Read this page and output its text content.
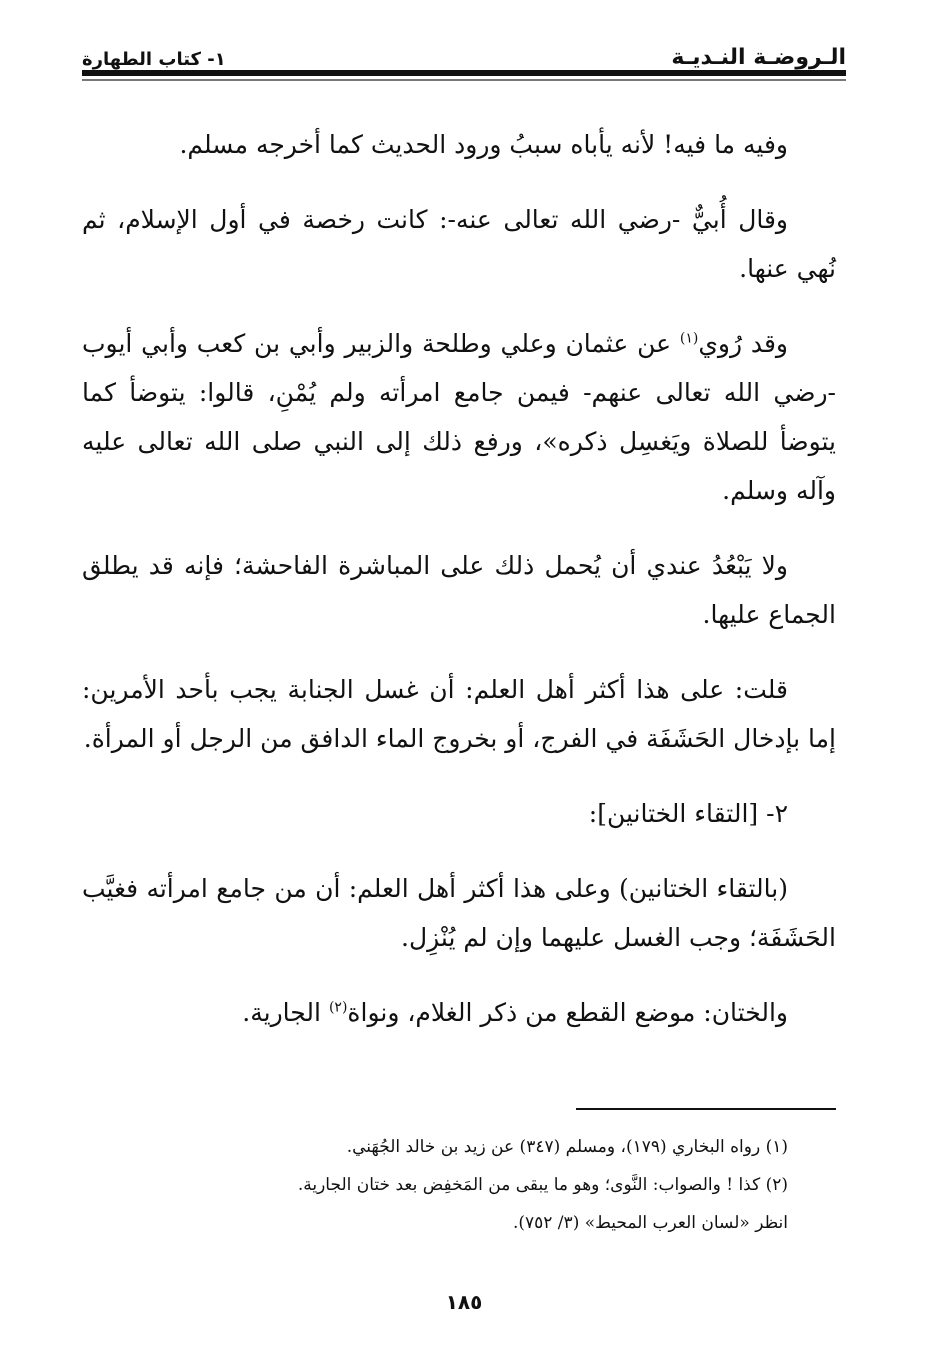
الـروضـة النـديـة
١- كتاب الطهارة

وفيه ما فيه! لأنه يأباه سببُ ورود الحديث كما أخرجه مسلم.

وقال أُبيٌّ -رضي الله تعالى عنه-: كانت رخصة في أول الإسلام، ثم نُهي عنها.

وقد رُوي$^{(١)}$ عن عثمان وعلي وطلحة والزبير وأبي بن كعب وأبي أيوب -رضي الله تعالى عنهم- فيمن جامع امرأته ولم يُمْنِ، قالوا: يتوضأ كما يتوضأ للصلاة ويَغسِل ذكره»، ورفع ذلك إلى النبي صلى الله تعالى عليه وآله وسلم.

ولا يَبْعُدُ عندي أن يُحمل ذلك على المباشرة الفاحشة؛ فإنه قد يطلق الجماع عليها.

قلت: على هذا أكثر أهل العلم: أن غسل الجنابة يجب بأحد الأمرين: إما بإدخال الحَشَفَة في الفرج، أو بخروج الماء الدافق من الرجل أو المرأة.

٢- [التقاء الختانين]:

(بالتقاء الختانين) وعلى هذا أكثر أهل العلم: أن من جامع امرأته فغيَّب الحَشَفَة؛ وجب الغسل عليهما وإن لم يُنْزِل.

والختان: موضع القطع من ذكر الغلام، ونواة$^{(٢)}$ الجارية.

(١) رواه البخاري (١٧٩)، ومسلم (٣٤٧) عن زيد بن خالد الجُهَني.
(٢) كذا ! والصواب: النَّوى؛ وهو ما يبقى من المَخفِض بعد ختان الجارية.
انظر «لسان العرب المحيط» (٣/ ٧٥٢).
١٨٥
